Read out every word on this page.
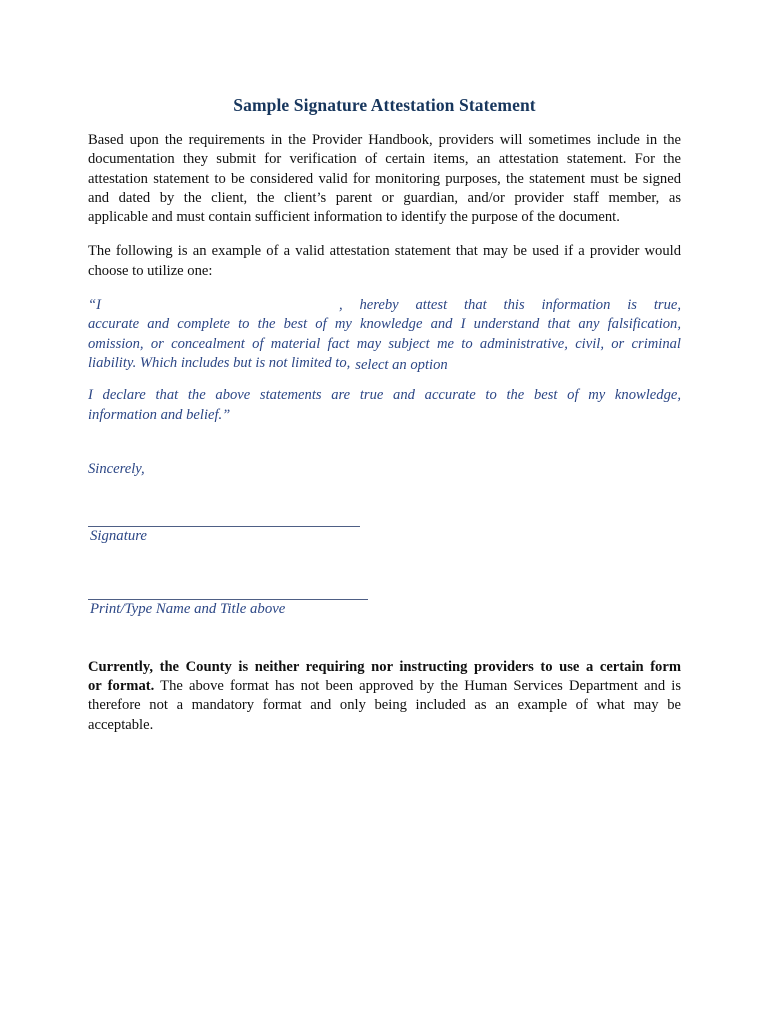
Sample Signature Attestation Statement
Based upon the requirements in the Provider Handbook, providers will sometimes include in the
documentation they submit for verification of certain items, an attestation statement. For the
attestation statement to be considered valid for monitoring purposes, the statement must be signed
and dated by the client, the client’s parent or guardian, and/or provider staff member, as
applicable and must contain sufficient information to identify the purpose of the document.
The following is an example of a valid attestation statement that may be used if a provider would
choose to utilize one:
“I	, hereby attest that this information is true,
accurate and complete to the best of my knowledge and I understand that any falsification,
omission, or concealment of material fact may subject me to administrative, civil, or criminal
liability. Which includes but is not limited to, select an option
I declare that the above statements are true and accurate to the best of my knowledge,
information and belief.”
Sincerely,
Signature
Print/Type Name and Title above
Currently, the County is neither requiring nor instructing providers to use a certain form
or format. The above format has not been approved by the Human Services Department and is
therefore not a mandatory format and only being included as an example of what may be
acceptable.
